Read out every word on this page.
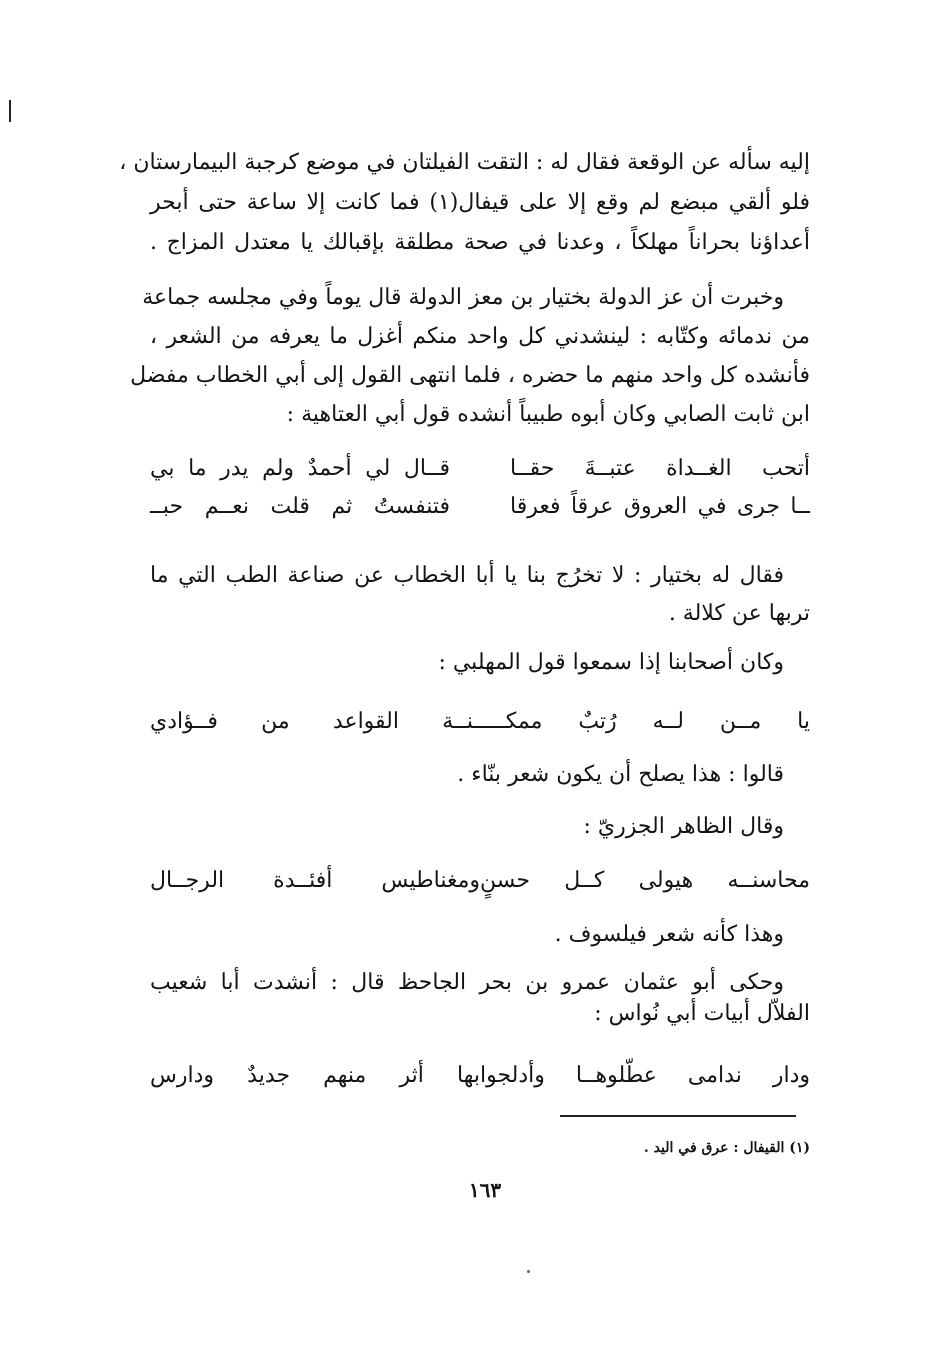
إليه سأله عن الوقعة فقال له : التقت الفيلتان في موضع كرجبة البيمارستان ،
فلو ألقي مبضع لم وقع إلا على قيفال(١) فما كانت إلا ساعة حتى أبحر
أعداؤنا بحراناً مهلكاً ، وعدنا في صحة مطلقة بإقبالك يا معتدل المزاج .
وخبرت أن عز الدولة بختيار بن معز الدولة قال يوماً وفي مجلسه جماعة
من ندمائه وكتّابه : لينشدني كل واحد منكم أغزل ما يعرفه من الشعر ،
فأنشده كل واحد منهم ما حضره ، فلما انتهى القول إلى أبي الخطاب مفضل
ابن ثابت الصابي وكان أبوه طبيباً أنشده قول أبي العتاهية :
أتحب الغــداة عتبــةَ حقــا
قــال لي أحمدٌ ولم يدر ما بي
ــا جرى في العروق عرقاً فعرقا
فتنفستُ ثم قلت نعــم حبــ
فقال له بختيار : لا تخرُج بنا يا أبا الخطاب عن صناعة الطب التي ما
تربها عن كلالة .
وكان أصحابنا إذا سمعوا قول المهلبي :
يا مــن لــه رُتبٌ ممكــــ
ـنــة القواعد من فــؤادي
قالوا : هذا يصلح أن يكون شعر بنّاء .
وقال الظاهر الجزريّ :
محاسنــه هيولى كــل حسنٍ
ومغناطيس أفئــدة الرجــال
وهذا كأنه شعر فيلسوف .
وحكى أبو عثمان عمرو بن بحر الجاحظ قال : أنشدت أبا شعيب
الفلاّل أبيات أبي نُواس :
ودار ندامى عطّلوهــا وأدلجوا
بها أثر منهم جديدٌ ودارس
(١) القيفال : عرق في اليد .
١٦٣
